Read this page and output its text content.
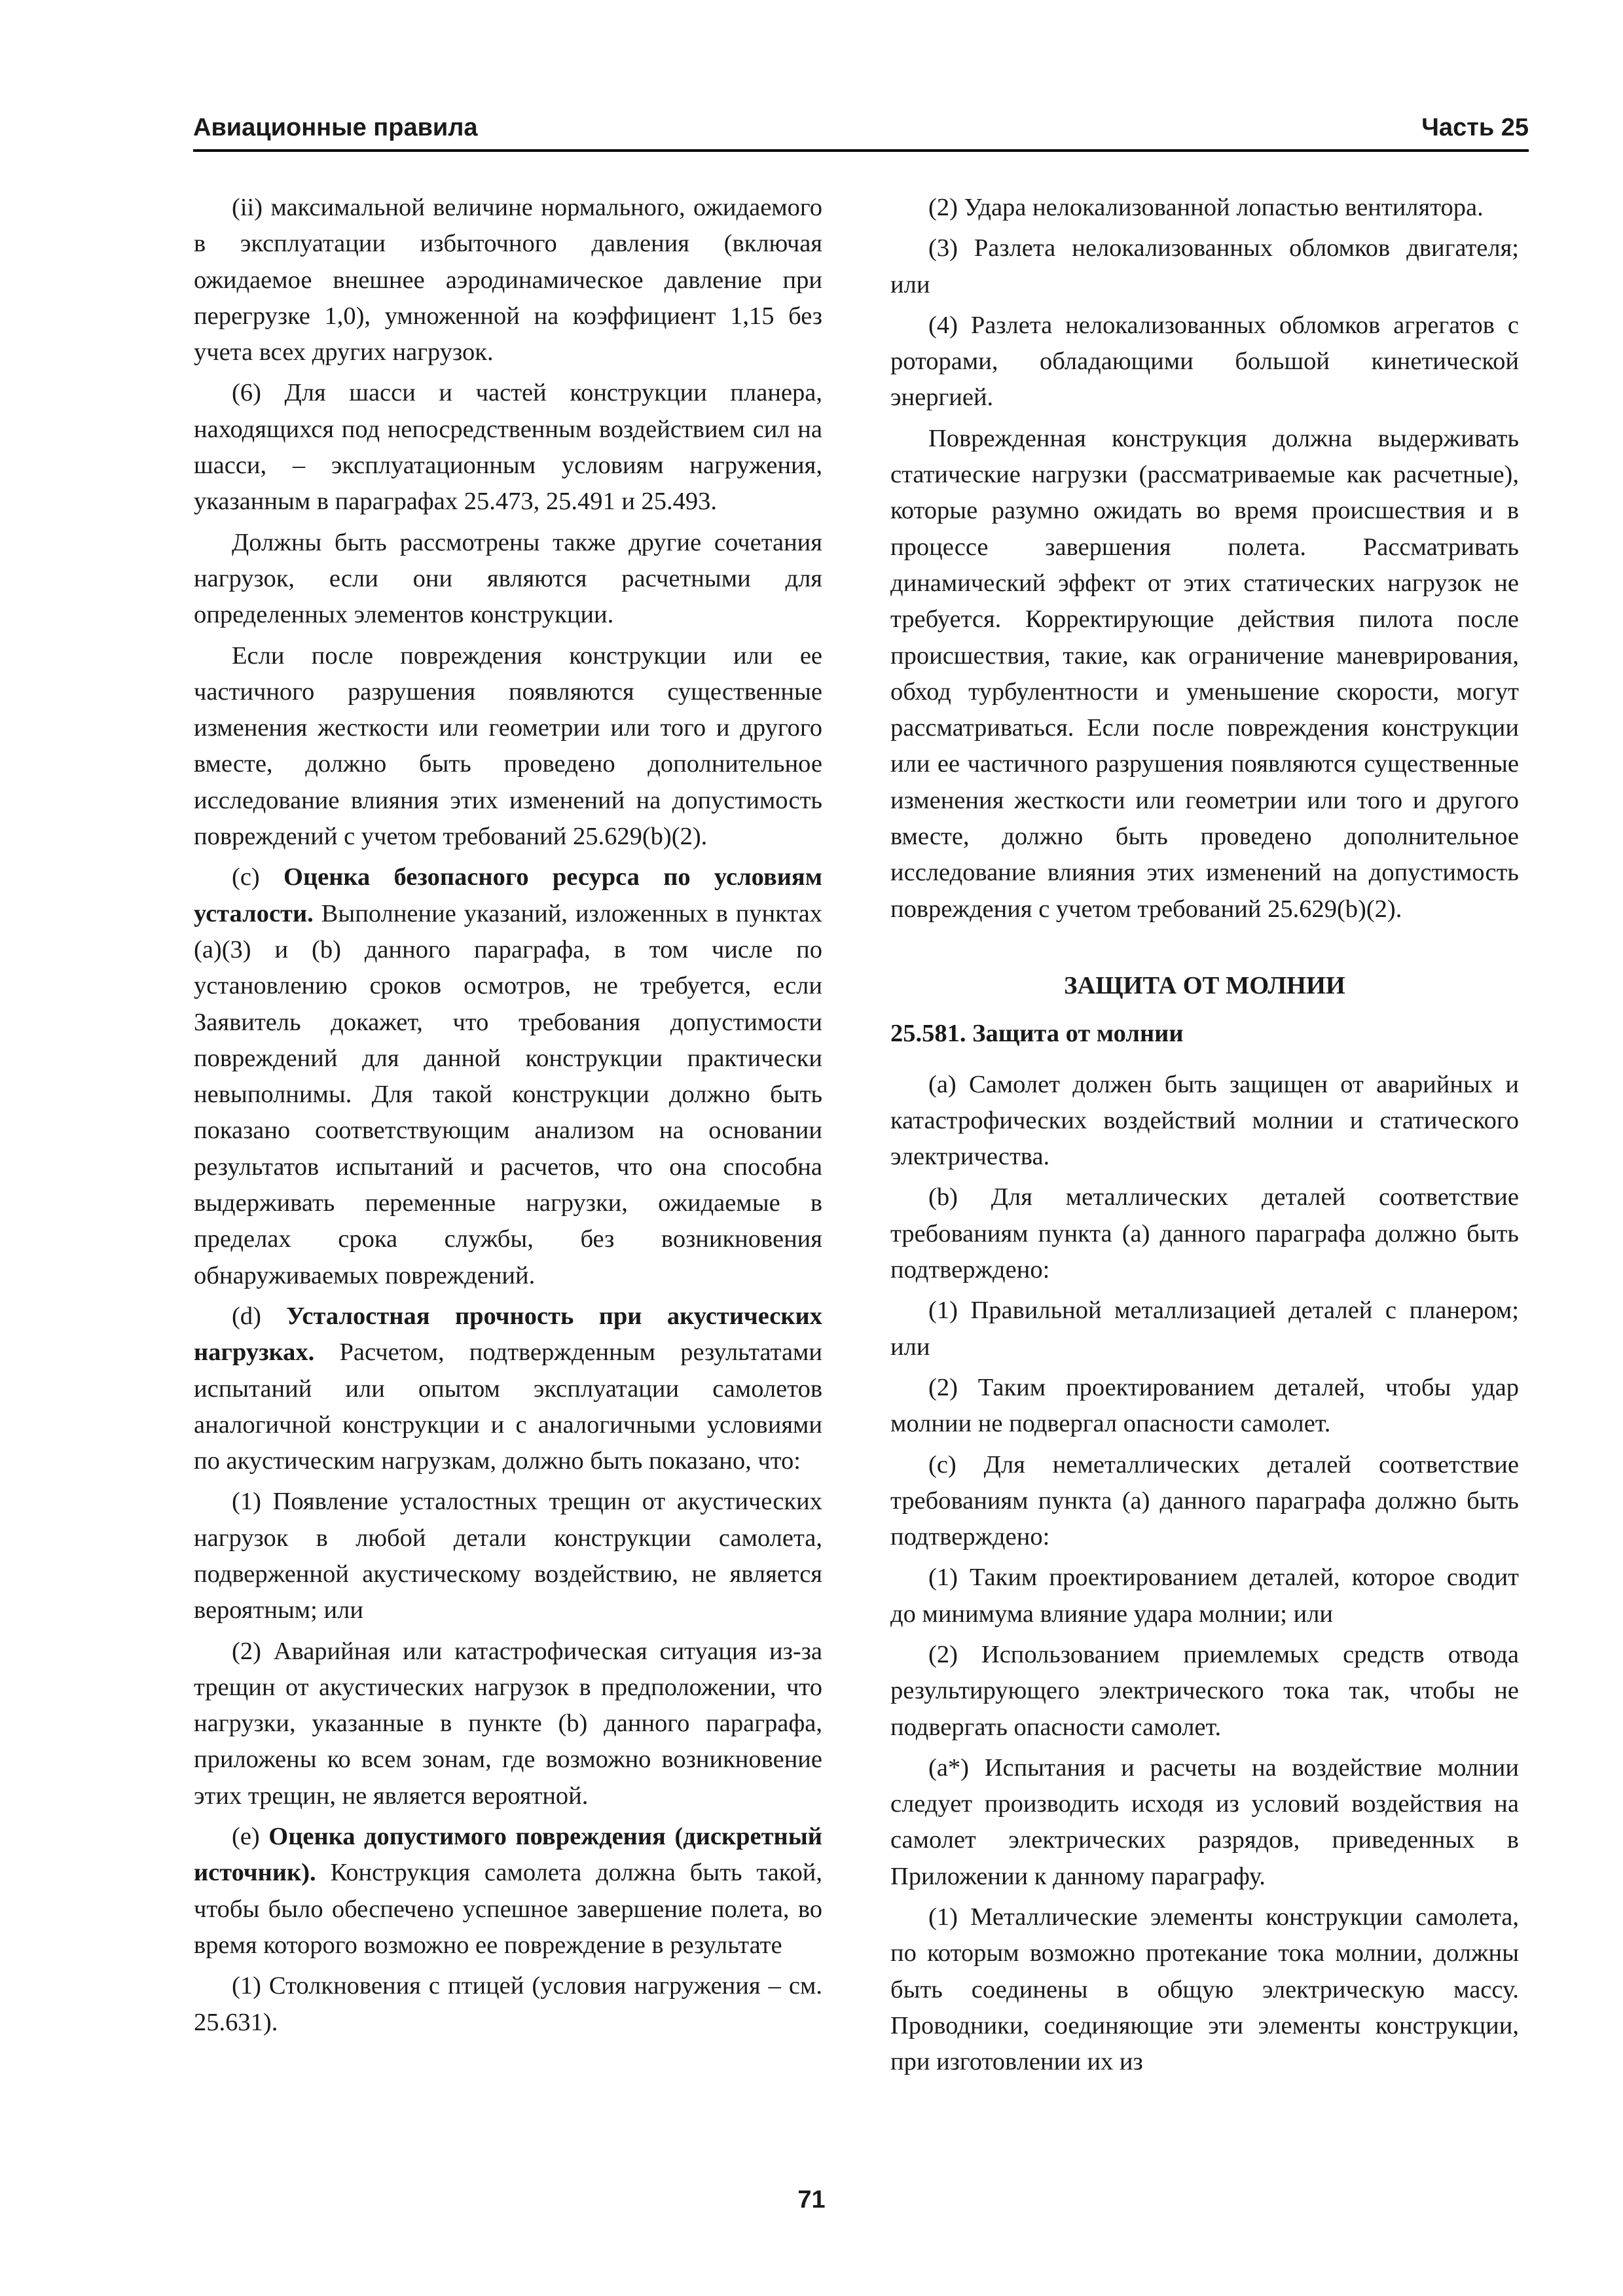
Авиационные правила	Часть 25

(ii) максимальной величине нормального, ожидаемого в эксплуатации избыточного давления (включая ожидаемое внешнее аэродинамическое давление при перегрузке 1,0), умноженной на коэффициент 1,15 без учета всех других нагрузок.

(6) Для шасси и частей конструкции планера, находящихся под непосредственным воздействием сил на шасси, – эксплуатационным условиям нагружения, указанным в параграфах 25.473, 25.491 и 25.493.

Должны быть рассмотрены также другие сочетания нагрузок, если они являются расчетными для определенных элементов конструкции.

Если после повреждения конструкции или ее частичного разрушения появляются существенные изменения жесткости или геометрии или того и другого вместе, должно быть проведено дополнительное исследование влияния этих изменений на допустимость повреждений с учетом требований 25.629(b)(2).

(c) Оценка безопасного ресурса по условиям усталости. Выполнение указаний, изложенных в пунктах (a)(3) и (b) данного параграфа, в том числе по установлению сроков осмотров, не требуется, если Заявитель докажет, что требования допустимости повреждений для данной конструкции практически невыполнимы. Для такой конструкции должно быть показано соответствующим анализом на основании результатов испытаний и расчетов, что она способна выдерживать переменные нагрузки, ожидаемые в пределах срока службы, без возникновения обнаруживаемых повреждений.

(d) Усталостная прочность при акустических нагрузках. Расчетом, подтвержденным результатами испытаний или опытом эксплуатации самолетов аналогичной конструкции и с аналогичными условиями по акустическим нагрузкам, должно быть показано, что:

(1) Появление усталостных трещин от акустических нагрузок в любой детали конструкции самолета, подверженной акустическому воздействию, не является вероятным; или

(2) Аварийная или катастрофическая ситуация из-за трещин от акустических нагрузок в предположении, что нагрузки, указанные в пункте (b) данного параграфа, приложены ко всем зонам, где возможно возникновение этих трещин, не является вероятной.

(e) Оценка допустимого повреждения (дискретный источник). Конструкция самолета должна быть такой, чтобы было обеспечено успешное завершение полета, во время которого возможно ее повреждение в результате

(1) Столкновения с птицей (условия нагружения – см. 25.631).

(2) Удара нелокализованной лопастью вентилятора.

(3) Разлета нелокализованных обломков двигателя; или

(4) Разлета нелокализованных обломков агрегатов с роторами, обладающими большой кинетической энергией.

Поврежденная конструкция должна выдерживать статические нагрузки (рассматриваемые как расчетные), которые разумно ожидать во время происшествия и в процессе завершения полета. Рассматривать динамический эффект от этих статических нагрузок не требуется. Корректирующие действия пилота после происшествия, такие, как ограничение маневрирования, обход турбулентности и уменьшение скорости, могут рассматриваться. Если после повреждения конструкции или ее частичного разрушения появляются существенные изменения жесткости или геометрии или того и другого вместе, должно быть проведено дополнительное исследование влияния этих изменений на допустимость повреждения с учетом требований 25.629(b)(2).

ЗАЩИТА ОТ МОЛНИИ
25.581. Защита от молнии

(a) Самолет должен быть защищен от аварийных и катастрофических воздействий молнии и статического электричества.

(b) Для металлических деталей соответствие требованиям пункта (a) данного параграфа должно быть подтверждено:

(1) Правильной металлизацией деталей с планером; или

(2) Таким проектированием деталей, чтобы удар молнии не подвергал опасности самолет.

(c) Для неметаллических деталей соответствие требованиям пункта (a) данного параграфа должно быть подтверждено:

(1) Таким проектированием деталей, которое сводит до минимума влияние удара молнии; или

(2) Использованием приемлемых средств отвода результирующего электрического тока так, чтобы не подвергать опасности самолет.

(a*) Испытания и расчеты на воздействие молнии следует производить исходя из условий воздействия на самолет электрических разрядов, приведенных в Приложении к данному параграфу.

(1) Металлические элементы конструкции самолета, по которым возможно протекание тока молнии, должны быть соединены в общую электрическую массу. Проводники, соединяющие эти элементы конструкции, при изготовлении их из

71
